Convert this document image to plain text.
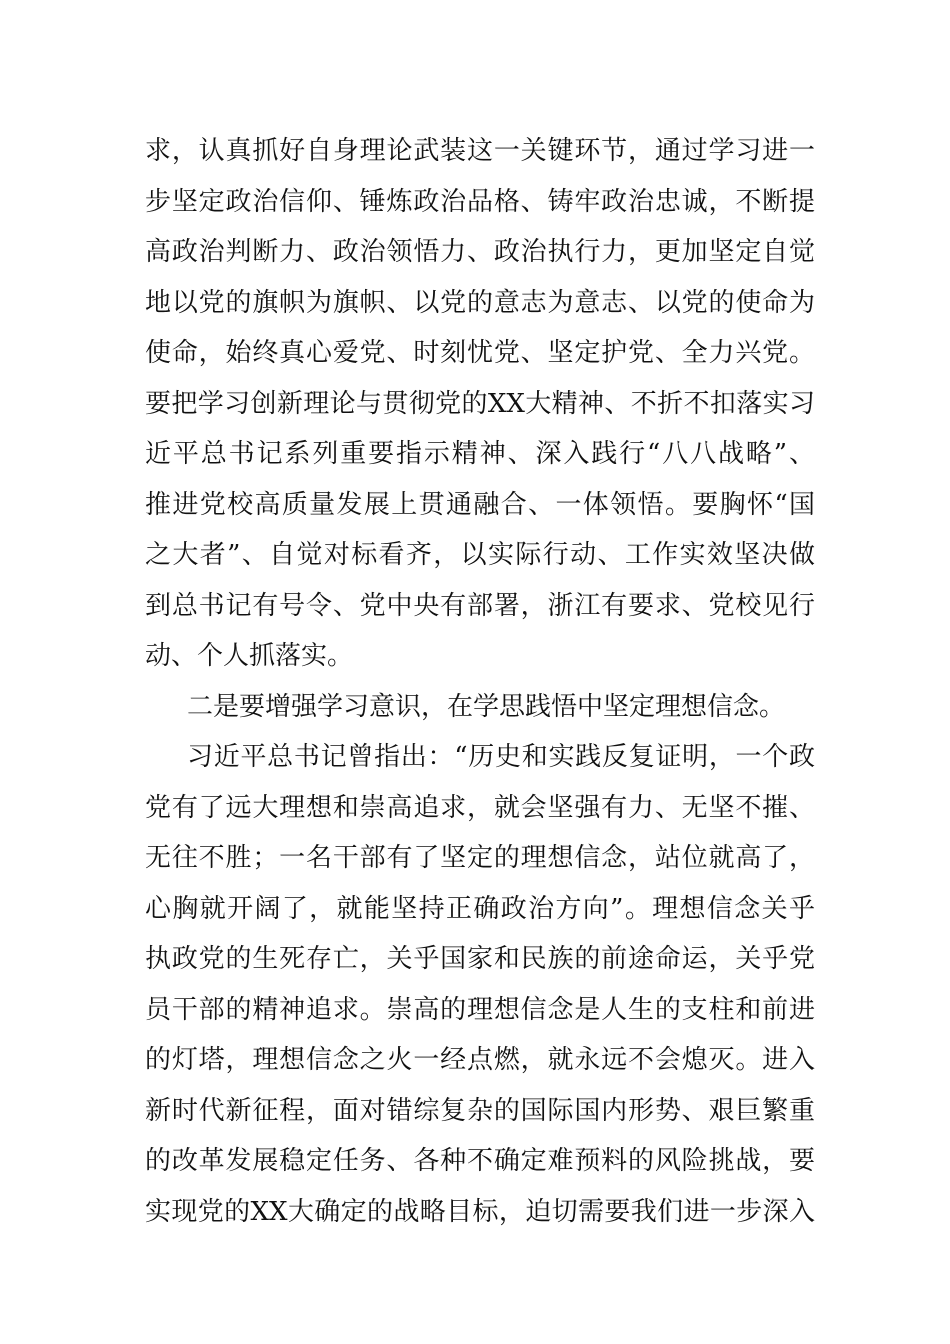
求，认真抓好自身理论武装这一关键环节，通过学习进一
步坚定政治信仰、锤炼政治品格、铸牢政治忠诚，不断提
高政治判断力、政治领悟力、政治执行力，更加坚定自觉
地以党的旗帜为旗帜、以党的意志为意志、以党的使命为
使命，始终真心爱党、时刻忧党、坚定护党、全力兴党。
要把学习创新理论与贯彻党的XX大精神、不折不扣落实习
近平总书记系列重要指示精神、深入践行“八八战略”、
推进党校高质量发展上贯通融合、一体领悟。要胸怀“国
之大者”、自觉对标看齐，以实际行动、工作实效坚决做
到总书记有号令、党中央有部署，浙江有要求、党校见行
动、个人抓落实。
二是要增强学习意识，在学思践悟中坚定理想信念。
习近平总书记曾指出：“历史和实践反复证明，一个政
党有了远大理想和崇高追求，就会坚强有力、无坚不摧、
无往不胜；一名干部有了坚定的理想信念，站位就高了，
心胸就开阔了，就能坚持正确政治方向”。理想信念关乎
执政党的生死存亡，关乎国家和民族的前途命运，关乎党
员干部的精神追求。崇高的理想信念是人生的支柱和前进
的灯塔，理想信念之火一经点燃，就永远不会熄灭。进入
新时代新征程，面对错综复杂的国际国内形势、艰巨繁重
的改革发展稳定任务、各种不确定难预料的风险挑战，要
实现党的XX大确定的战略目标，迫切需要我们进一步深入
